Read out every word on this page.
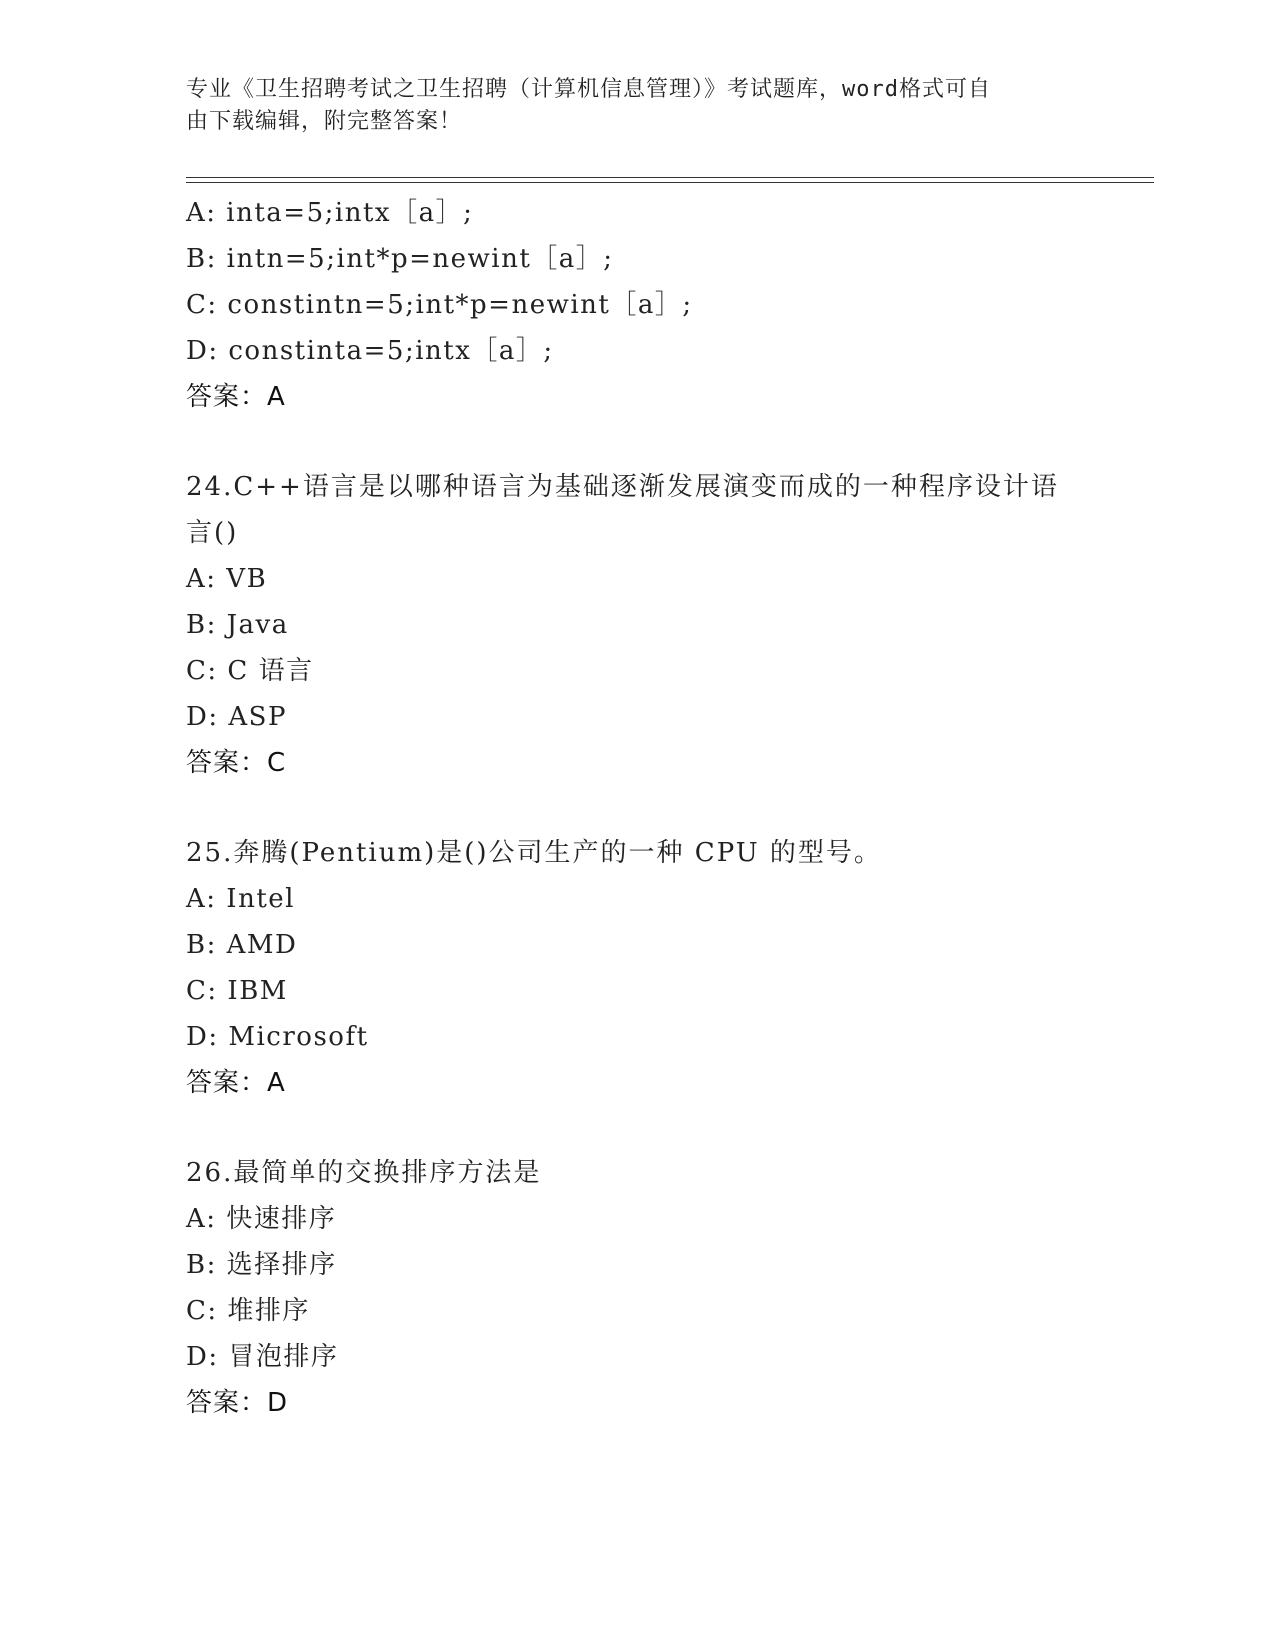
专业《卫生招聘考试之卫生招聘（计算机信息管理）》考试题库，word格式可自
由下载编辑，附完整答案！
A: inta=5;intx［a］;
B: intn=5;int*p=newint［a］;
C: constintn=5;int*p=newint［a］;
D: constinta=5;intx［a］;
答案：A
24.C++语言是以哪种语言为基础逐渐发展演变而成的一种程序设计语
言()
A: VB
B: Java
C: C 语言
D: ASP
答案：C
25.奔腾(Pentium)是()公司生产的一种 CPU 的型号。
A: Intel
B: AMD
C: IBM
D: Microsoft
答案：A
26.最简单的交换排序方法是
A: 快速排序
B: 选择排序
C: 堆排序
D: 冒泡排序
答案：D
